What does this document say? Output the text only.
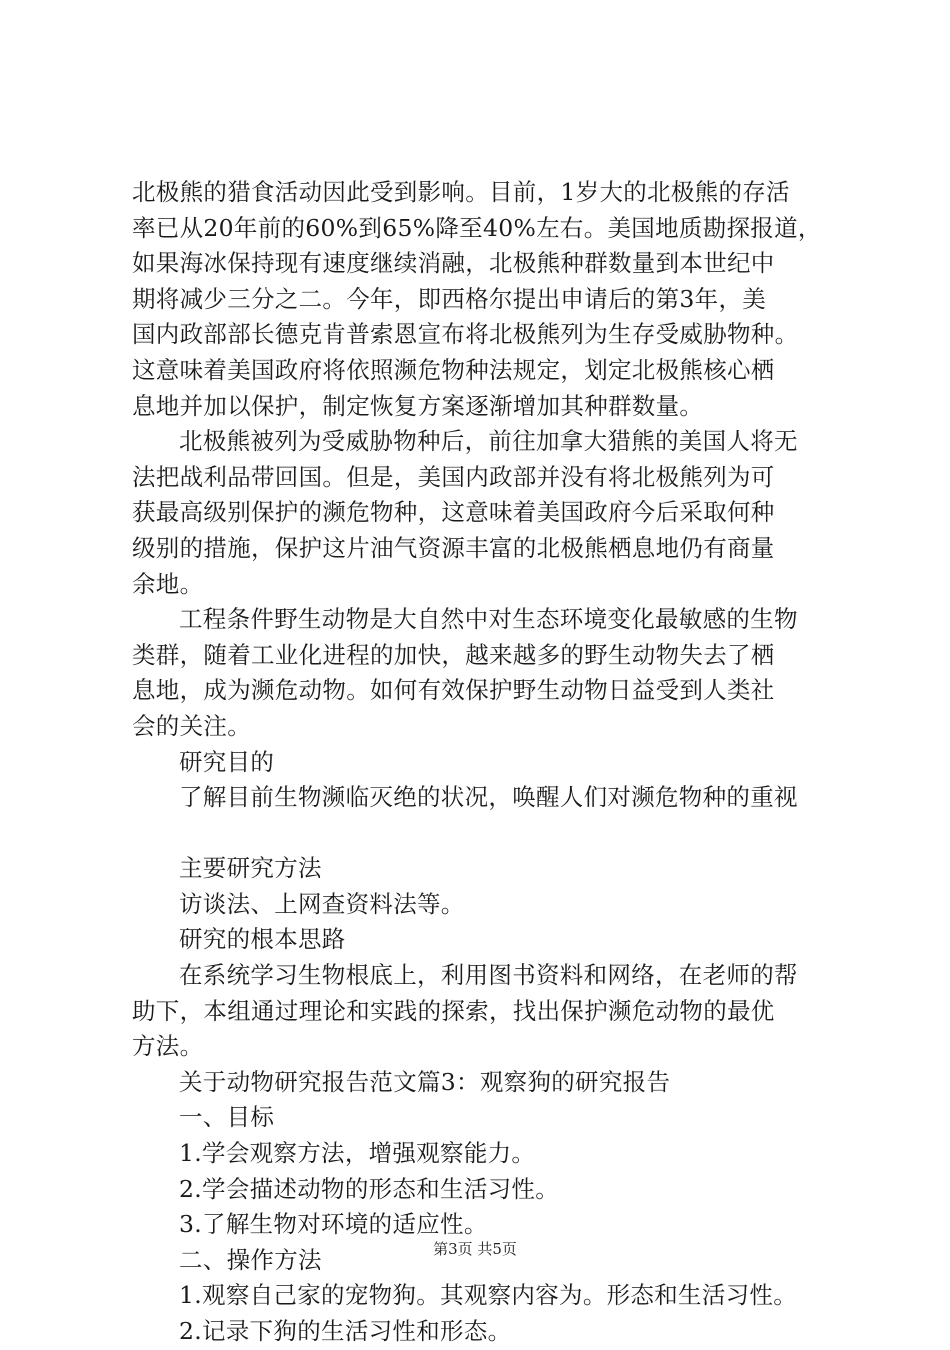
北极熊的猎食活动因此受到影响。目前，1岁大的北极熊的存活
率已从20年前的60%到65%降至40%左右。美国地质勘探报道，
如果海冰保持现有速度继续消融，北极熊种群数量到本世纪中
期将减少三分之二。今年，即西格尔提出申请后的第3年，美
国内政部部长德克肯普索恩宣布将北极熊列为生存受威胁物种。
这意味着美国政府将依照濒危物种法规定，划定北极熊核心栖
息地并加以保护，制定恢复方案逐渐增加其种群数量。
北极熊被列为受威胁物种后，前往加拿大猎熊的美国人将无
法把战利品带回国。但是，美国内政部并没有将北极熊列为可
获最高级别保护的濒危物种，这意味着美国政府今后采取何种
级别的措施，保护这片油气资源丰富的北极熊栖息地仍有商量
余地。
工程条件野生动物是大自然中对生态环境变化最敏感的生物
类群，随着工业化进程的加快，越来越多的野生动物失去了栖
息地，成为濒危动物。如何有效保护野生动物日益受到人类社
会的关注。
研究目的
了解目前生物濒临灭绝的状况，唤醒人们对濒危物种的重视
主要研究方法
访谈法、上网查资料法等。
研究的根本思路
在系统学习生物根底上，利用图书资料和网络，在老师的帮
助下，本组通过理论和实践的探索，找出保护濒危动物的最优
方法。
关于动物研究报告范文篇3：观察狗的研究报告
一、目标
1.学会观察方法，增强观察能力。
2.学会描述动物的形态和生活习性。
3.了解生物对环境的适应性。
二、操作方法
1.观察自己家的宠物狗。其观察内容为。形态和生活习性。
2.记录下狗的生活习性和形态。
第3页 共5页
